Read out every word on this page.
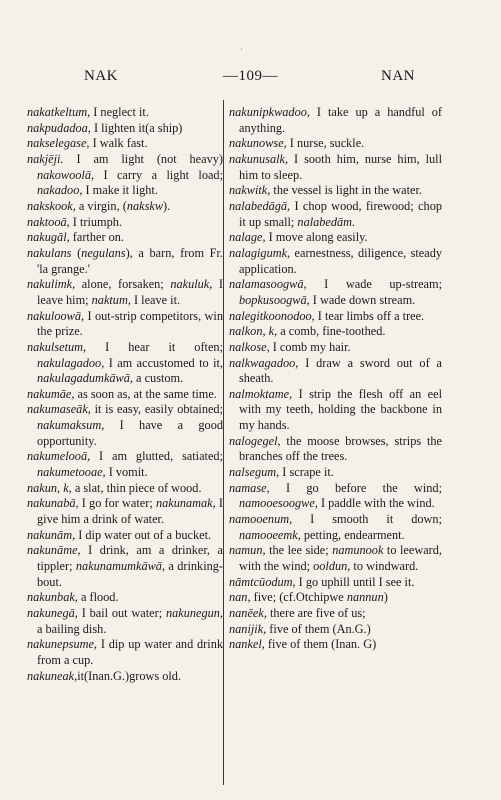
'
NAK	—109—	NAN

nakatkeltum, I neglect it.

nakpudadoa, I lighten it(a ship)

nakselegase, I walk fast.

nakjēji. I am light (not heavy) nakowoolā, I carry a light load; nakadoo, I make it light.

nakskook, a virgin, (nakskw).

naktooā, I triumph.

nakugāl, farther on.

nakulans (negulans), a barn, from Fr. 'la grange.'

nakulimk, alone, forsaken; nakuluk, I leave him; naktum, I leave it.

nakuloowā, I out-strip competitors, win the prize.

nakulsetum, I hear it often; nakulagadoo, I am accustomed to it, nakulagadumkāwā, a custom.

nakumāe, as soon as, at the same time.

nakumaseāk, it is easy, easily obtained; nakumaksum, I have a good opportunity.

nakumelooā, I am glutted, satiated; nakumetooae, I vomit.

nakun, k, a slat, thin piece of wood.

nakunabā, I go for water; nakunamak, I give him a drink of water.

nakunām, I dip water out of a bucket.

nakunāme, I drink, am a drinker, a tippler; nakunamumkāwā, a drinking-bout.

nakunbak, a flood.

nakunegā, I bail out water; nakunegun, a bailing dish.

nakunepsume, I dip up water and drink from a cup.

nakuneak,it(Inan.G.)grows old.

nakunipkwadoo, I take up a handful of anything.

nakunowse, I nurse, suckle.

nakunusalk, I sooth him, nurse him, lull him to sleep.

nakwitk, the vessel is light in the water.

nalabedāgā, I chop wood, firewood; chop it up small; nalabedām.

nalage, I move along easily.

nalagigumk, earnestness, diligence, steady application.

nalamasoogwā, I wade up-stream; bopkusoogwā, I wade down stream.

nalegitkoonodoo, I tear limbs off a tree.

nalkon, k, a comb, fine-toothed.

nalkose, I comb my hair.

nalkwagadoo, I draw a sword out of a sheath.

nalmoktame, I strip the flesh off an eel with my teeth, holding the backbone in my hands.

nalogegel, the moose browses, strips the branches off the trees.

nalsegum, I scrape it.

namase, I go before the wind; namooesoogwe, I paddle with the wind.

namooenum, I smooth it down; namooeemk, petting, endearment.

namun, the lee side; namunook to leeward, with the wind; ooldun, to windward.

nāmtcūodum, I go uphill until I see it.

nan, five; (cf.Otchipwe nannun)

nanēek, there are five of us;

nanijik, five of them (An.G.)

nankel, five of them (Inan. G)
